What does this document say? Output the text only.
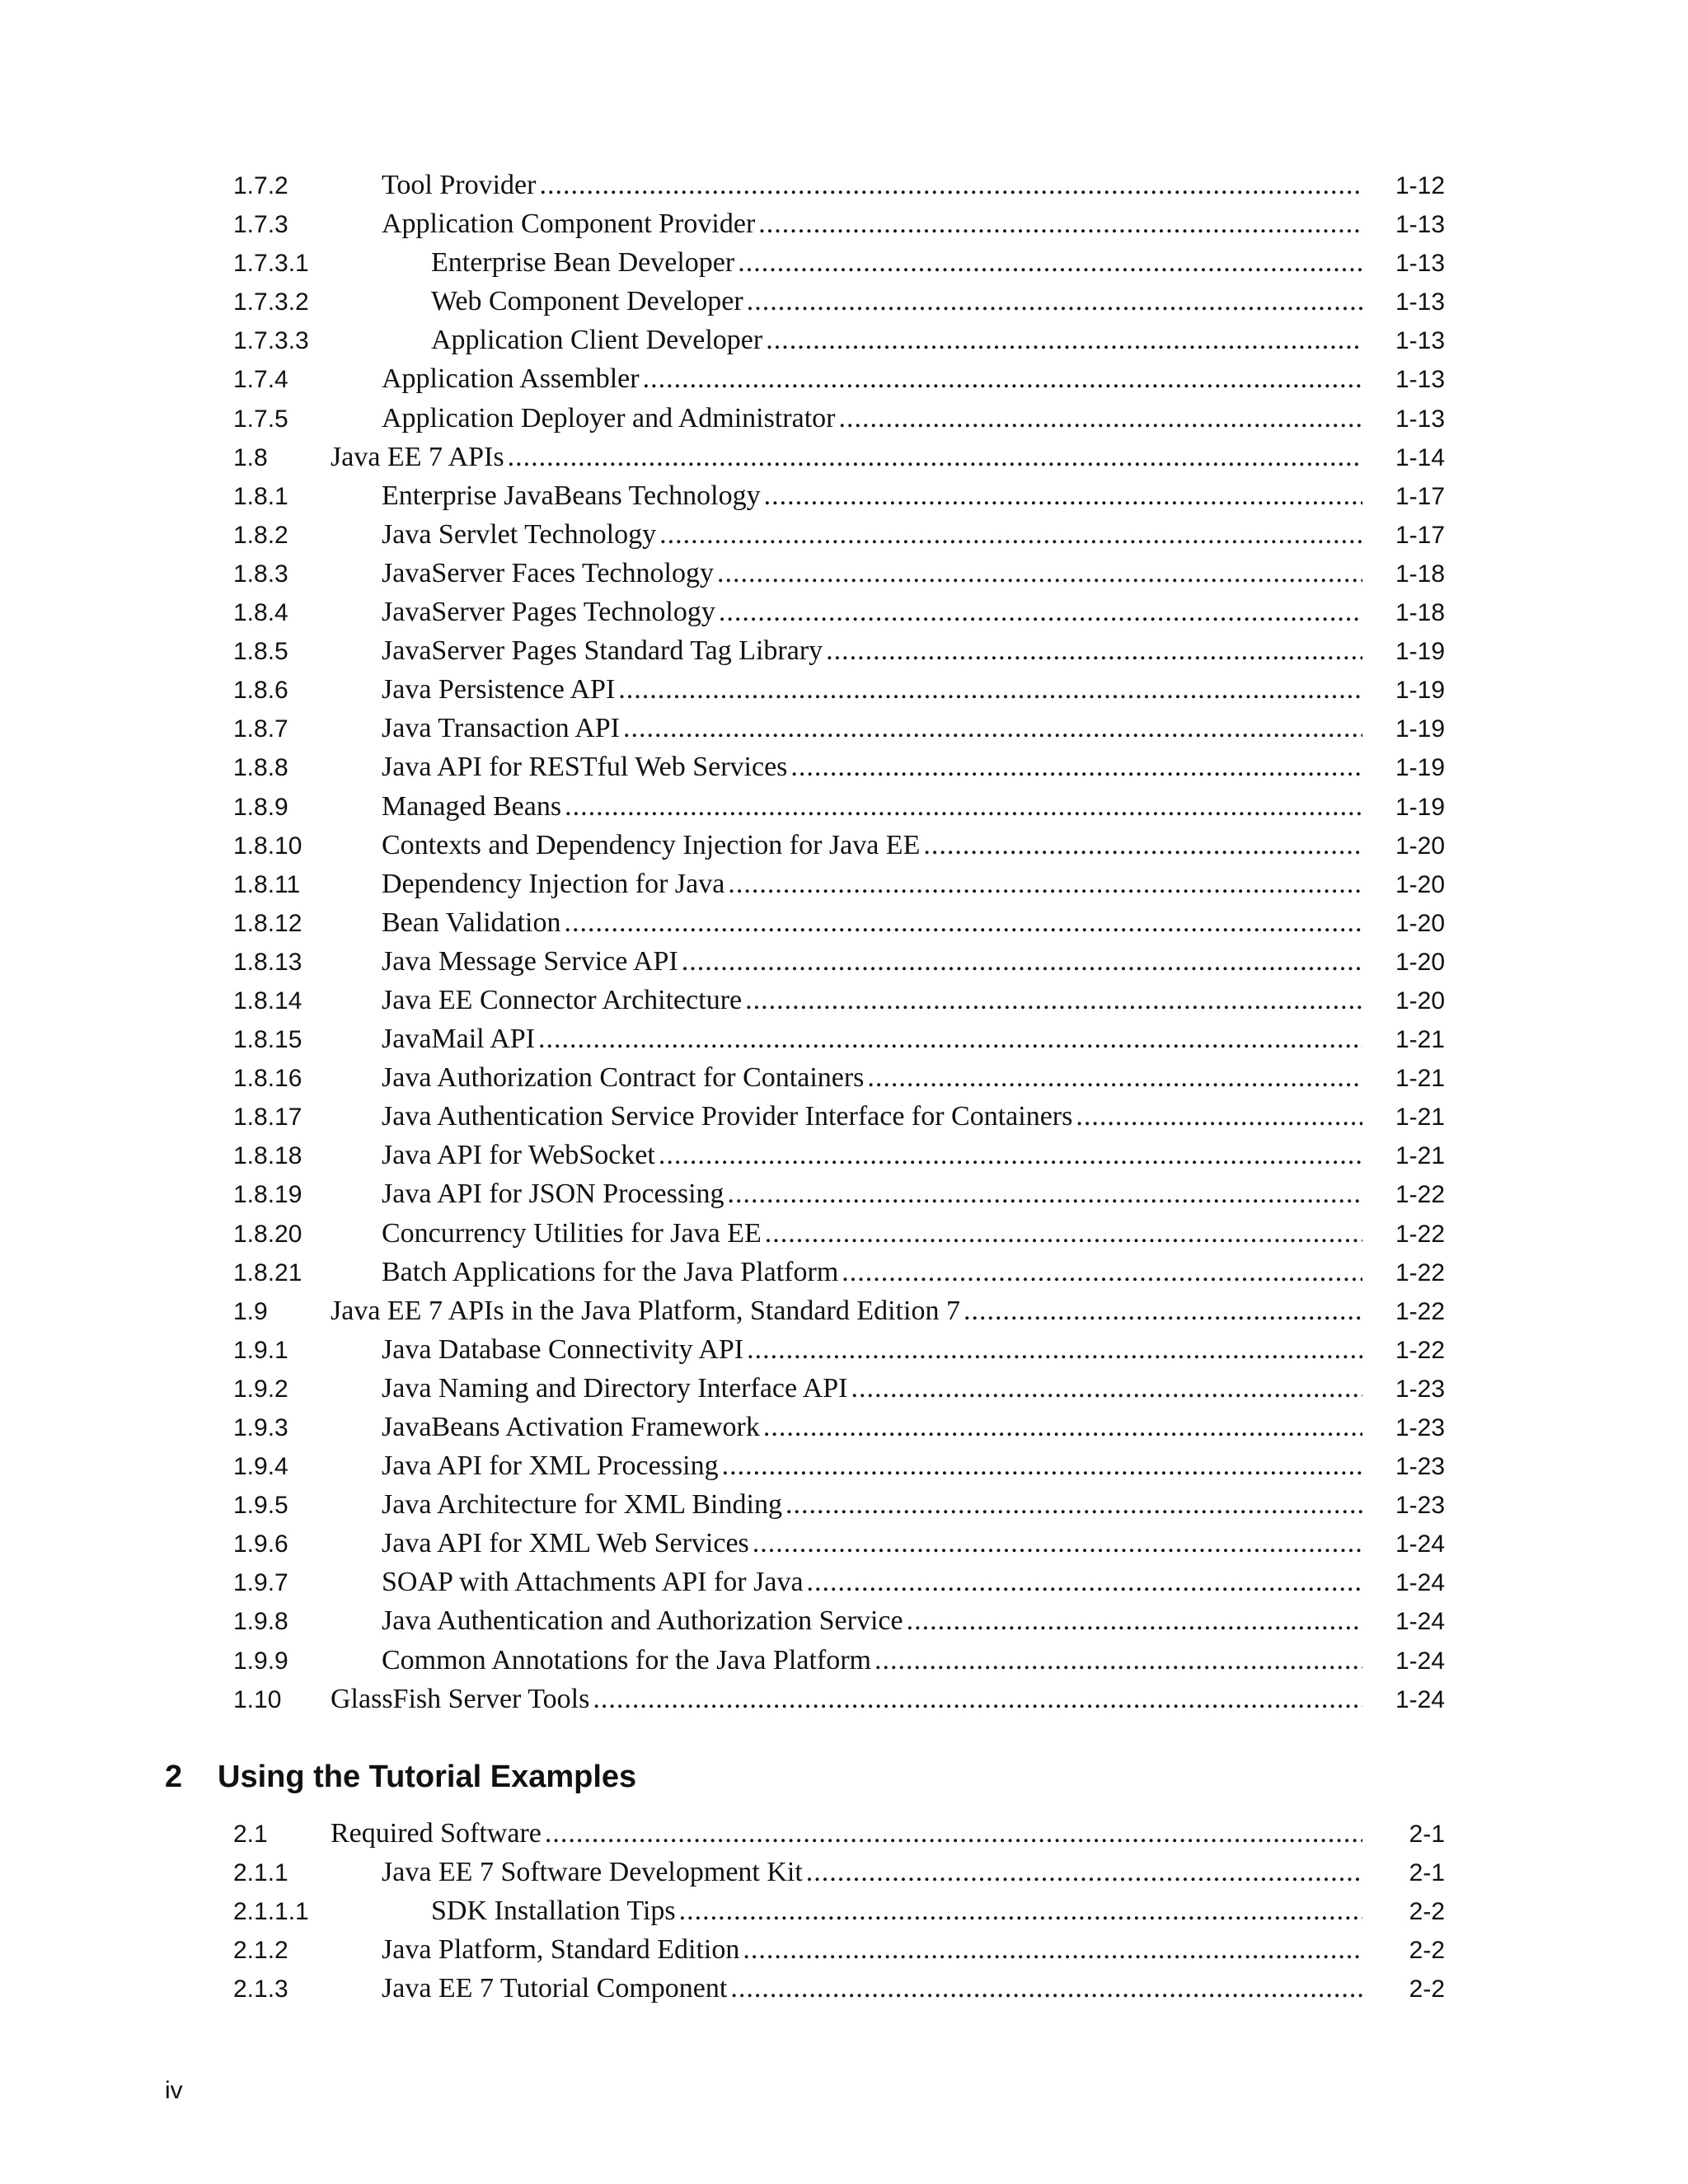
1.7.2	Tool Provider .....	1-12
1.7.3	Application Component Provider .....	1-13
1.7.3.1	Enterprise Bean Developer .....	1-13
1.7.3.2	Web Component Developer .....	1-13
1.7.3.3	Application Client Developer .....	1-13
1.7.4	Application Assembler .....	1-13
1.7.5	Application Deployer and Administrator .....	1-13
1.8	Java EE 7 APIs .....	1-14
1.8.1	Enterprise JavaBeans Technology .....	1-17
1.8.2	Java Servlet Technology .....	1-17
1.8.3	JavaServer Faces Technology .....	1-18
1.8.4	JavaServer Pages Technology .....	1-18
1.8.5	JavaServer Pages Standard Tag Library .....	1-19
1.8.6	Java Persistence API .....	1-19
1.8.7	Java Transaction API .....	1-19
1.8.8	Java API for RESTful Web Services .....	1-19
1.8.9	Managed Beans .....	1-19
1.8.10	Contexts and Dependency Injection for Java EE .....	1-20
1.8.11	Dependency Injection for Java .....	1-20
1.8.12	Bean Validation .....	1-20
1.8.13	Java Message Service API .....	1-20
1.8.14	Java EE Connector Architecture .....	1-20
1.8.15	JavaMail API .....	1-21
1.8.16	Java Authorization Contract for Containers .....	1-21
1.8.17	Java Authentication Service Provider Interface for Containers .....	1-21
1.8.18	Java API for WebSocket .....	1-21
1.8.19	Java API for JSON Processing .....	1-22
1.8.20	Concurrency Utilities for Java EE .....	1-22
1.8.21	Batch Applications for the Java Platform .....	1-22
1.9	Java EE 7 APIs in the Java Platform, Standard Edition 7 .....	1-22
1.9.1	Java Database Connectivity API .....	1-22
1.9.2	Java Naming and Directory Interface API .....	1-23
1.9.3	JavaBeans Activation Framework .....	1-23
1.9.4	Java API for XML Processing .....	1-23
1.9.5	Java Architecture for XML Binding .....	1-23
1.9.6	Java API for XML Web Services .....	1-24
1.9.7	SOAP with Attachments API for Java .....	1-24
1.9.8	Java Authentication and Authorization Service .....	1-24
1.9.9	Common Annotations for the Java Platform .....	1-24
1.10	GlassFish Server Tools .....	1-24
2 Using the Tutorial Examples
2.1	Required Software .....	2-1
2.1.1	Java EE 7 Software Development Kit .....	2-1
2.1.1.1	SDK Installation Tips .....	2-2
2.1.2	Java Platform, Standard Edition .....	2-2
2.1.3	Java EE 7 Tutorial Component .....	2-2
iv
